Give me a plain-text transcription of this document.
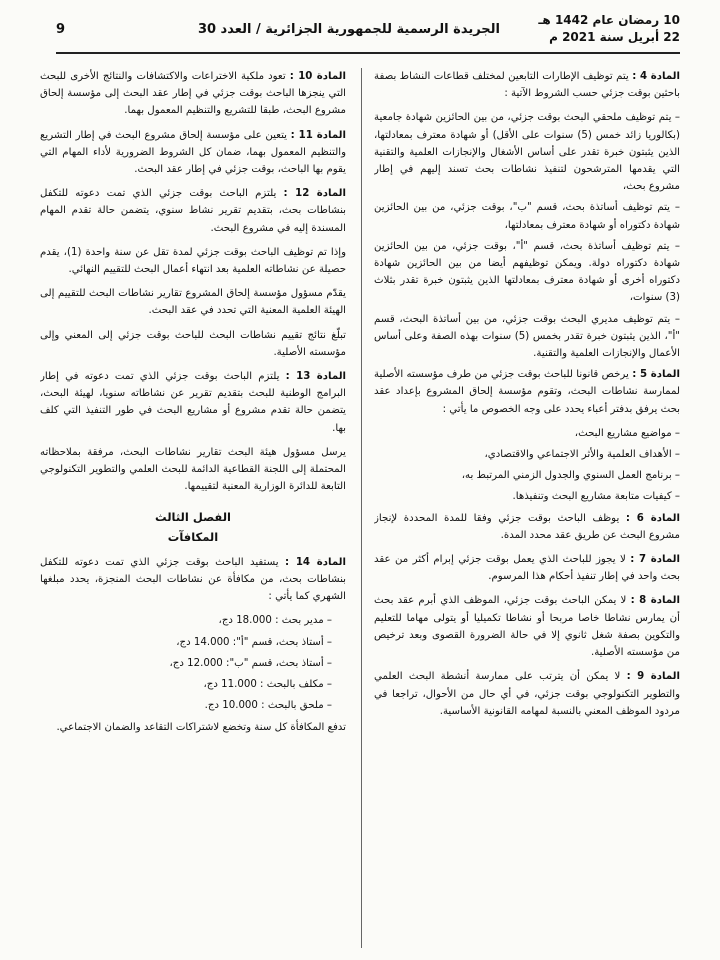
10 رمضان عام 1442 هـ
22 أبريل سنة 2021 م
الجريدة الرسمية للجمهورية الجزائرية / العدد 30
9

المادة 4 : يتم توظيف الإطارات التابعين لمختلف قطاعات النشاط بصفة باحثين بوقت جزئي حسب الشروط الآتية :

– يتم توظيف ملحقي البحث بوقت جزئي، من بين الحائزين شهادة جامعية (بكالوريا زائد خمس (5) سنوات على الأقل) أو شهادة معترف بمعادلتها، الذين يثبتون خبرة تقدر على أساس الأشغال والإنجازات العلمية والتقنية التي يقدمها المترشحون لتنفيذ نشاطات بحث تسند إليهم في إطار مشروع بحث،
– يتم توظيف أساتذة بحث، قسم "ب"، بوقت جزئي، من بين الحائزين شهادة دكتوراه أو شهادة معترف بمعادلتها،
– يتم توظيف أساتذة بحث، قسم "أ"، بوقت جزئي، من بين الحائزين شهادة دكتوراه دولة. ويمكن توظيفهم أيضا من بين الحائزين شهادة دكتوراه أخرى أو شهادة معترف بمعادلتها الذين يثبتون خبرة تقدر بثلاث (3) سنوات،
– يتم توظيف مديري البحث بوقت جزئي، من بين أساتذة البحث، قسم "أ"، الذين يثبتون خبرة تقدر بخمس (5) سنوات بهذه الصفة وعلى أساس الأعمال والإنجازات العلمية والتقنية.

المادة 5 : يرخص قانونا للباحث بوقت جزئي من طرف مؤسسته الأصلية لممارسة نشاطات البحث، وتقوم مؤسسة إلحاق المشروع بإعداد عقد بحث يرفق بدفتر أعباء يحدد على وجه الخصوص ما يأتي :

– مواضيع مشاريع البحث،
– الأهداف العلمية والأثر الاجتماعي والاقتصادي،
– برنامج العمل السنوي والجدول الزمني المرتبط به،
– كيفيات متابعة مشاريع البحث وتنفيذها.

المادة 6 : يوظف الباحث بوقت جزئي وفقا للمدة المحددة لإنجاز مشروع البحث عن طريق عقد محدد المدة.

المادة 7 : لا يجوز للباحث الذي يعمل بوقت جزئي إبرام أكثر من عقد بحث واحد في إطار تنفيذ أحكام هذا المرسوم.

المادة 8 : لا يمكن الباحث بوقت جزئي، الموظف الذي أبرم عقد بحث أن يمارس نشاطا خاصا مربحا أو نشاطا تكميليا أو يتولى مهاما للتعليم والتكوين بصفة شغل ثانوي إلا في حالة الضرورة القصوى وبعد ترخيص من مؤسسته الأصلية.

المادة 9 : لا يمكن أن يترتب على ممارسة أنشطة البحث العلمي والتطوير التكنولوجي بوقت جزئي، في أي حال من الأحوال، تراجعا في مردود الموظف المعني بالنسبة لمهامه القانونية الأساسية.

المادة 10 : تعود ملكية الاختراعات والاكتشافات والنتائج الأخرى للبحث التي ينجزها الباحث بوقت جزئي في إطار عقد البحث إلى مؤسسة إلحاق مشروع البحث، طبقا للتشريع والتنظيم المعمول بهما.

المادة 11 : يتعين على مؤسسة إلحاق مشروع البحث في إطار التشريع والتنظيم المعمول بهما، ضمان كل الشروط الضرورية لأداء المهام التي يقوم بها الباحث، بوقت جزئي في إطار عقد البحث.

المادة 12 : يلتزم الباحث بوقت جزئي الذي تمت دعوته للتكفل بنشاطات بحث، بتقديم تقرير نشاط سنوي، يتضمن حالة تقدم المهام المسندة إليه في مشروع البحث.

وإذا تم توظيف الباحث بوقت جزئي لمدة تقل عن سنة واحدة (1)، يقدم حصيلة عن نشاطاته العلمية بعد انتهاء أعمال البحث للتقييم النهائي.

يقدّم مسؤول مؤسسة إلحاق المشروع تقارير نشاطات البحث للتقييم إلى الهيئة العلمية المعنية التي تحدد في عقد البحث.

تبلّغ نتائج تقييم نشاطات البحث للباحث بوقت جزئي إلى المعني وإلى مؤسسته الأصلية.

المادة 13 : يلتزم الباحث بوقت جزئي الذي تمت دعوته في إطار البرامج الوطنية للبحث بتقديم تقرير عن نشاطاته سنويا، لهيئة البحث، يتضمن حالة تقدم مشروع أو مشاريع البحث في طور التنفيذ التي كلف بها.

يرسل مسؤول هيئة البحث تقارير نشاطات البحث، مرفقة بملاحظاته المحتملة إلى اللجنة القطاعية الدائمة للبحث العلمي والتطوير التكنولوجي التابعة للدائرة الوزارية المعنية لتقييمها.

الفصل الثالث
المكافآت

المادة 14 : يستفيد الباحث بوقت جزئي الذي تمت دعوته للتكفل بنشاطات بحث، من مكافأة عن نشاطات البحث المنجزة، يحدد مبلغها الشهري كما يأتي :

– مدير بحث : 18.000 دج،
– أستاذ بحث، قسم "أ": 14.000 دج،
– أستاذ بحث، قسم "ب": 12.000 دج،
– مكلف بالبحث : 11.000 دج،
– ملحق بالبحث : 10.000 دج.

تدفع المكافأة كل سنة وتخضع لاشتراكات التقاعد والضمان الاجتماعي.
